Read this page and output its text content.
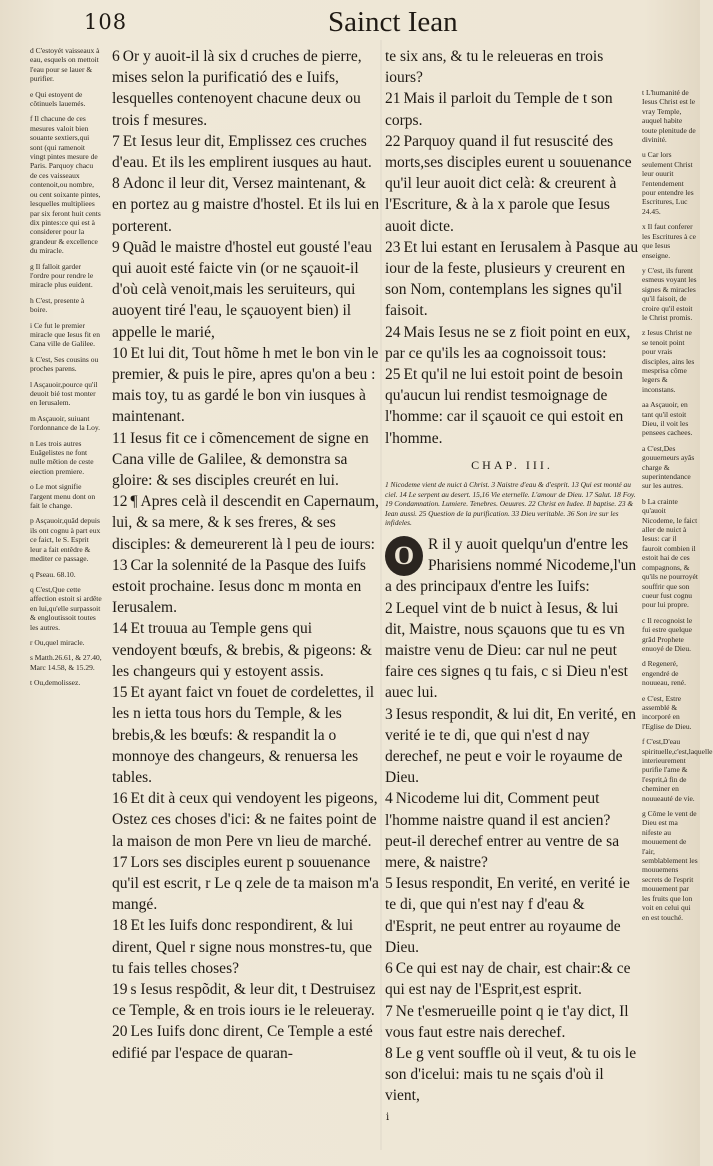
108	Sainct Iean

d C'estoyét vaisseaux à eau, esquels on mettoit l'eau pour se lauer & purifier.

e Qui estoyent de côtinuels lauemés.

f Il chacune de ces mesures valoit bien souante sextiers,qui sont (qui ramenoit vingt pintes mesure de Paris. Parquoy chacu de ces vaisseaux contenoit,ou nombre, ou cent soixante pintes, lesquelles multipliees par six feront huit cents dix pintes:ce qui est à considerer pour la grandeur & excellence du miracle.

g Il falloit garder l'ordre pour rendre le miracle plus euident.

h C'est, presente à boire.

i Ce fut le premier miracle que Iesus fit en Cana ville de Galilee.

k C'est, Ses cousins ou proches parens.

l Asçauoir,pource qu'il deuoit bié tost monter en Ierusalem.

m Asçauoir, suiuant l'ordonnance de la Loy.

n Les trois autres Euãgelistes ne font nulle mêtion de ceste eiection premiere.

o Le mot signifie l'argent menu dont on fait le change.

p Asçauoir,quãd depuis ils ont cognu à part eux ce faict, le S. Esprit leur a fait entêdre & mediter ce passage.

q Pseau. 68.10.

q C'est,Que cette affection estoit si ardête en lui,qu'elle surpassoit & engloutissoit toutes les autres.

r Ou,quel miracle.

s Matth.26.61, & 27.40, Marc 14.58, & 15.29.

t Ou,demolissez.

6 Or y auoit-il là six d cruches de pierre, mises selon la purificatió des e Iuifs, lesquelles contenoyent chacune deux ou trois f mesures.
7 Et Iesus leur dit, Emplissez ces cruches d'eau. Et ils les emplirent iusques au haut.
8 Adonc il leur dit, Versez maintenant, & en portez au g maistre d'hostel. Et ils lui en porterent.
9 Quãd le maistre d'hostel eut gousté l'eau qui auoit esté faicte vin (or ne sçauoit-il d'où celà venoit,mais les seruiteurs, qui auoyent tiré l'eau, le sçauoyent bien) il appelle le marié,
10 Et lui dit, Tout hõme h met le bon vin le premier, & puis le pire, apres qu'on a beu : mais toy, tu as gardé le bon vin iusques à maintenant.
11 Iesus fit ce i cõmencement de signe en Cana ville de Galilee, & demonstra sa gloire: & ses disciples creurét en lui.
12 ¶ Apres celà il descendit en Capernaum, lui, & sa mere, & k ses freres, & ses disciples: & demeurerent là l peu de iours:
13 Car la solennité de la Pasque des Iuifs estoit prochaine. Iesus donc m monta en Ierusalem.
14 Et trouua au Temple gens qui vendoyent bœufs, & brebis, & pigeons: & les changeurs qui y estoyent assis.
15 Et ayant faict vn fouet de cordelettes, il les n ietta tous hors du Temple, & les brebis,& les bœufs: & respandit la o monnoye des changeurs, & renuersa les tables.
16 Et dit à ceux qui vendoyent les pigeons, Ostez ces choses d'ici: & ne faites point de la maison de mon Pere vn lieu de marché.
17 Lors ses disciples eurent p souuenance qu'il est escrit, r Le q zele de ta maison m'a mangé.
18 Et les Iuifs donc respondirent, & lui dirent, Quel r signe nous monstres-tu, que tu fais telles choses?
19 s Iesus respõdit, & leur dit, t Destruisez ce Temple, & en trois iours ie le releueray.
20 Les Iuifs donc dirent, Ce Temple a esté edifié par l'espace de quaran-
te six ans, & tu le releueras en trois iours?
21 Mais il parloit du Temple de t son corps.
22 Parquoy quand il fut resuscité des morts,ses disciples eurent u souuenance qu'il leur auoit dict celà: & creurent à l'Escriture, & à la x parole que Iesus auoit dicte.
23 Et lui estant en Ierusalem à Pasque au iour de la feste, plusieurs y creurent en son Nom, contemplans les signes qu'il faisoit.
24 Mais Iesus ne se z fioit point en eux, par ce qu'ils les aa cognoissoit tous:
25 Et qu'il ne lui estoit point de besoin qu'aucun lui rendist tesmoignage de l'homme: car il sçauoit ce qui estoit en l'homme.
CHAP. III.
1 Nicodeme vient de nuict à Christ. 3 Naistre d'eau & d'esprit. 13 Qui est monté au ciel. 14 Le serpent au desert. 15,16 Vie eternelle. L'amour de Dieu. 17 Salut. 18 Foy. 19 Condamnation. Lumiere. Tenebres. Oeuures. 22 Christ en Iudee. Il baptise. 23 & Iean aussi. 25 Question de la purification. 33 Dieu veritable. 36 Son ire sur les infideles.
O R il y auoit quelqu'un d'entre les Pharisiens nommé Nicodeme,l'un a des principaux d'entre les Iuifs:
2 Lequel vint de b nuict à Iesus, & lui dit, Maistre, nous sçauons que tu es vn maistre venu de Dieu: car nul ne peut faire ces signes q tu fais, c si Dieu n'est auec lui.
3 Iesus respondit, & lui dit, En verité, en verité ie te di, que qui n'est d nay derechef, ne peut e voir le royaume de Dieu.
4 Nicodeme lui dit, Comment peut l'homme naistre quand il est ancien? peut-il derechef entrer au ventre de sa mere, & naistre?
5 Iesus respondit, En verité, en verité ie te di, que qui n'est nay f d'eau & d'Esprit, ne peut entrer au royaume de Dieu.
6 Ce qui est nay de chair, est chair:& ce qui est nay de l'Esprit,est esprit.
7 Ne t'esmerueille point q ie t'ay dict, Il vous faut estre nais derechef.
8 Le g vent souffle où il veut, & tu ois le son d'icelui: mais tu ne sçais d'où il vient,

t L'humanité de Iesus Christ est le vray Temple, auquel habite toute plenitude de divinité.

u Car lors seulement Christ leur ouurit l'entendement pour entendre les Escritures, Luc 24.45.

x Il faut conferer les Escritures à ce que Iesus enseigne.

y C'est, ils furent esmeus voyant les signes & miracles qu'il faisoit, de croire qu'il estoit le Christ promis.

z Iesus Christ ne se tenoit point pour vrais disciples, ains les mesprisa côme legers & inconstans.

aa Asçauoir, en tant qu'il estoit Dieu, il voit les pensees cachees.

a C'est,Des gouuerneurs ayãs charge & superintendance sur les autres.

b La crainte qu'auoit Nicodeme, le faict aller de nuict à Iesus: car il fauroit combien il estoit hai de ces compagnons, & qu'ils ne pourroyét souffrir que son cueur fust cognu pour lui propre.

c Il recognoist le fui estre quelque grãd Prophete enuoyé de Dieu.

d Regeneré, engendré de nouueau, rené.

e C'est, Estre assemblé & incorporé en l'Eglise de Dieu.

f C'est,D'eau spirituelle,c'est,laquelle interieurement purifie l'ame & l'esprit,à fin de cheminer en nouueauté de vie.

g Côme le vent de Dieu est ma nifeste au mouuement de l'air, semblablement les mouuemens secrets de l'esprit mouuement par les fruits que lon voit en celui qui en est touché.

i
